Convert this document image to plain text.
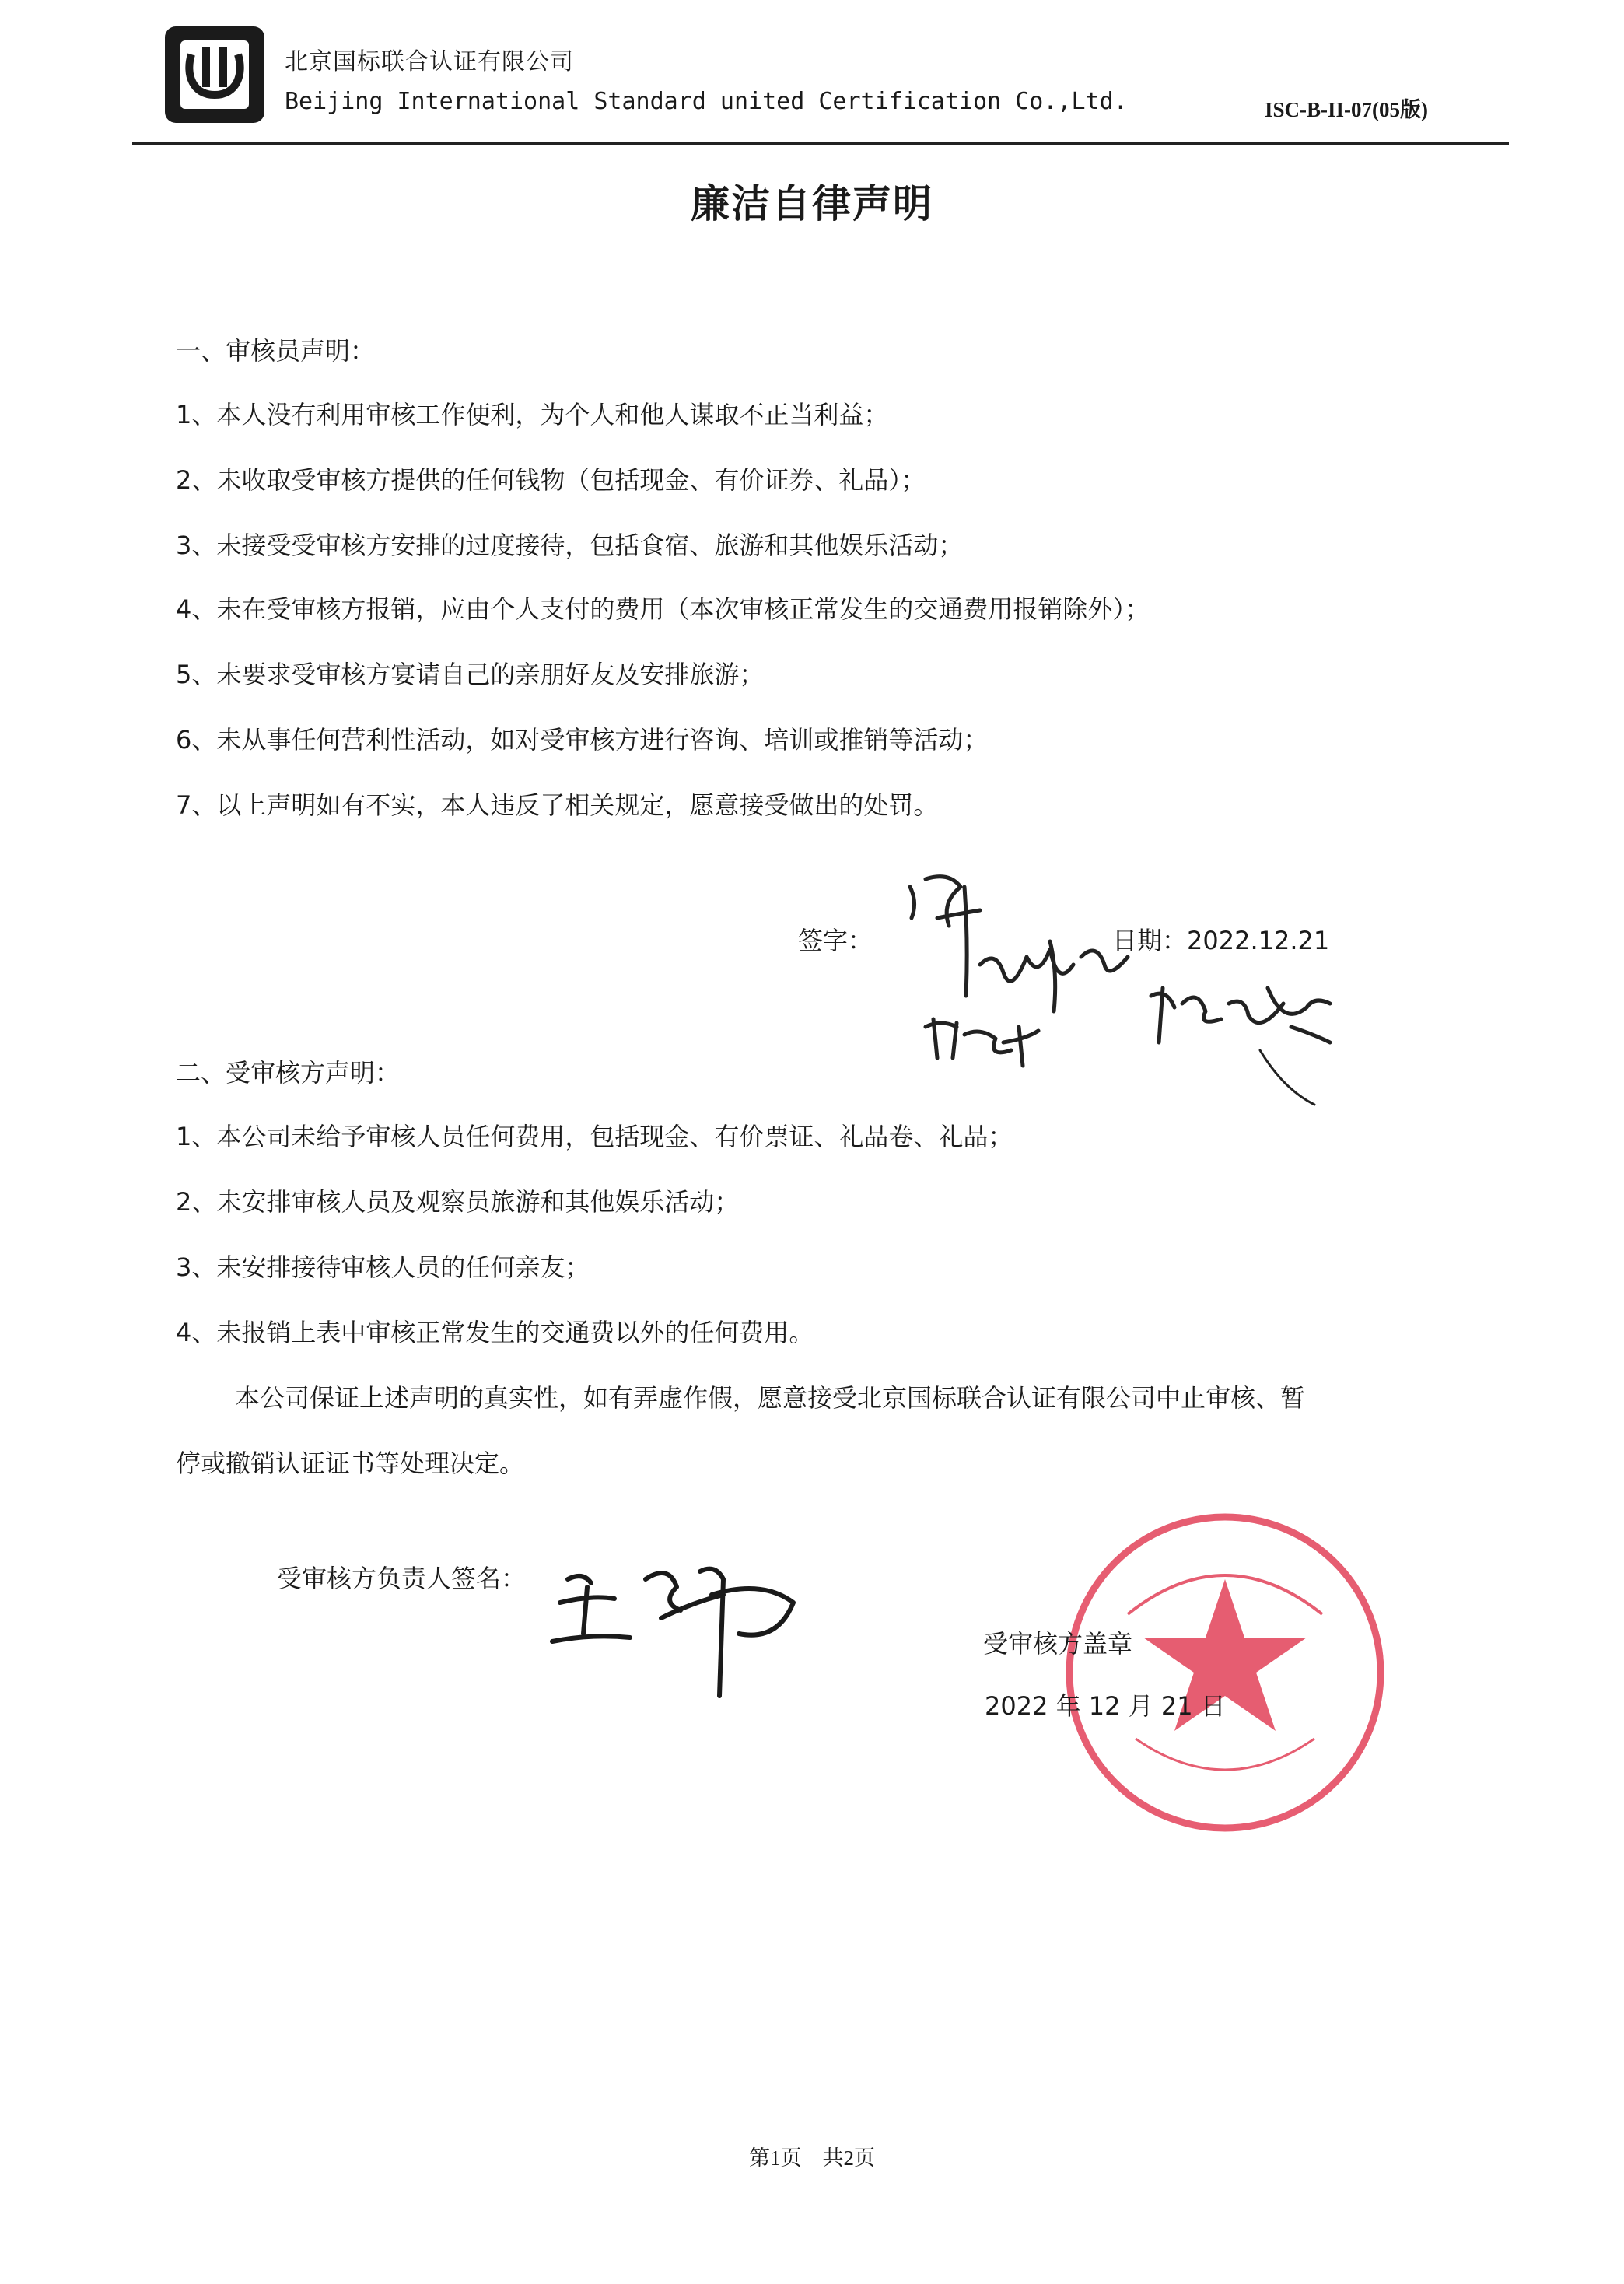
北京国标联合认证有限公司
Beijing International Standard united Certification Co.,Ltd.	ISC-B-II-07(05版)
廉洁自律声明
一、审核员声明：
1、本人没有利用审核工作便利，为个人和他人谋取不正当利益；
2、未收取受审核方提供的任何钱物（包括现金、有价证券、礼品）；
3、未接受受审核方安排的过度接待，包括食宿、旅游和其他娱乐活动；
4、未在受审核方报销，应由个人支付的费用（本次审核正常发生的交通费用报销除外）；
5、未要求受审核方宴请自己的亲朋好友及安排旅游；
6、未从事任何营利性活动，如对受审核方进行咨询、培训或推销等活动；
7、以上声明如有不实，本人违反了相关规定，愿意接受做出的处罚。
签字：	日期：2022.12.21
二、受审核方声明：
1、本公司未给予审核人员任何费用，包括现金、有价票证、礼品卷、礼品；
2、未安排审核人员及观察员旅游和其他娱乐活动；
3、未安排接待审核人员的任何亲友；
4、未报销上表中审核正常发生的交通费以外的任何费用。
本公司保证上述声明的真实性，如有弄虚作假，愿意接受北京国标联合认证有限公司中止审核、暂
停或撤销认证证书等处理决定。
受审核方负责人签名：
受审核方盖章
2022 年 12 月 21 日
第1页    共2页
